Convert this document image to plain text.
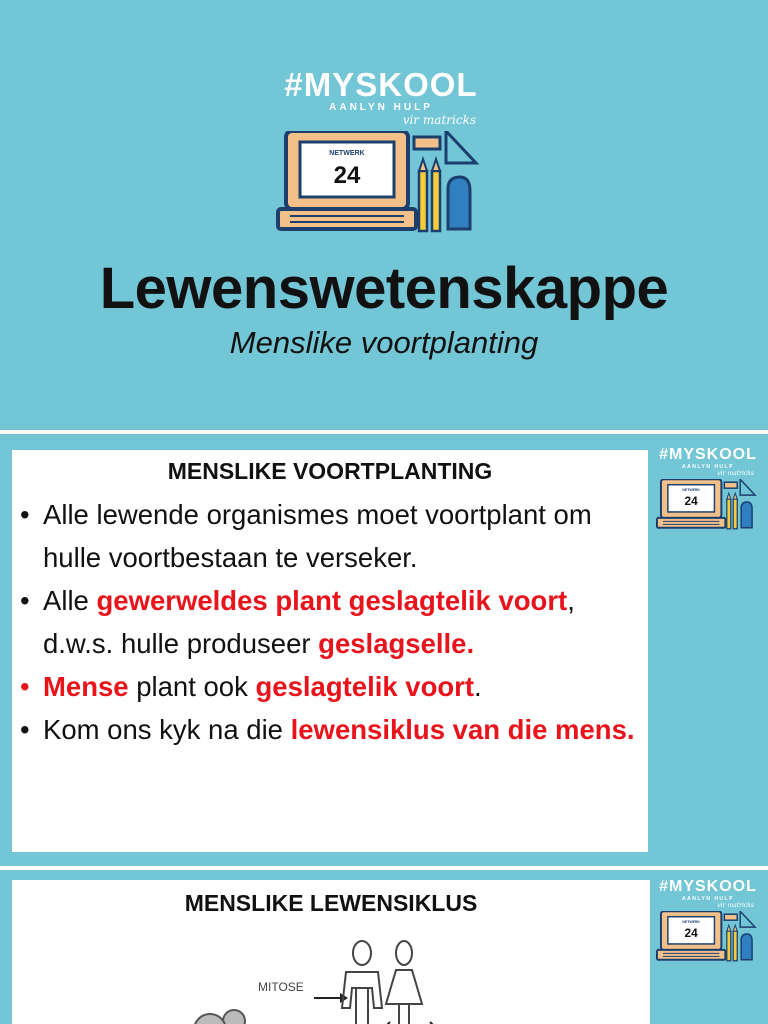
#MYSKOOL
AANLYN HULP
vir matricks
Lewenswetenskappe
Menslike voortplanting
MENSLIKE VOORTPLANTING
• Alle lewende organismes moet voortplant om hulle voortbestaan te verseker.
• Alle gewerweldes plant geslagtelik voort, d.w.s. hulle produseer geslagselle.
• Mense plant ook geslagtelik voort.
• Kom ons kyk na die lewensiklus van die mens.
#MYSKOOL
AANLYN HULP
vir matricks
MENSLIKE LEWENSIKLUS
MITOSE
#MYSKOOL
AANLYN HULP
vir matricks
